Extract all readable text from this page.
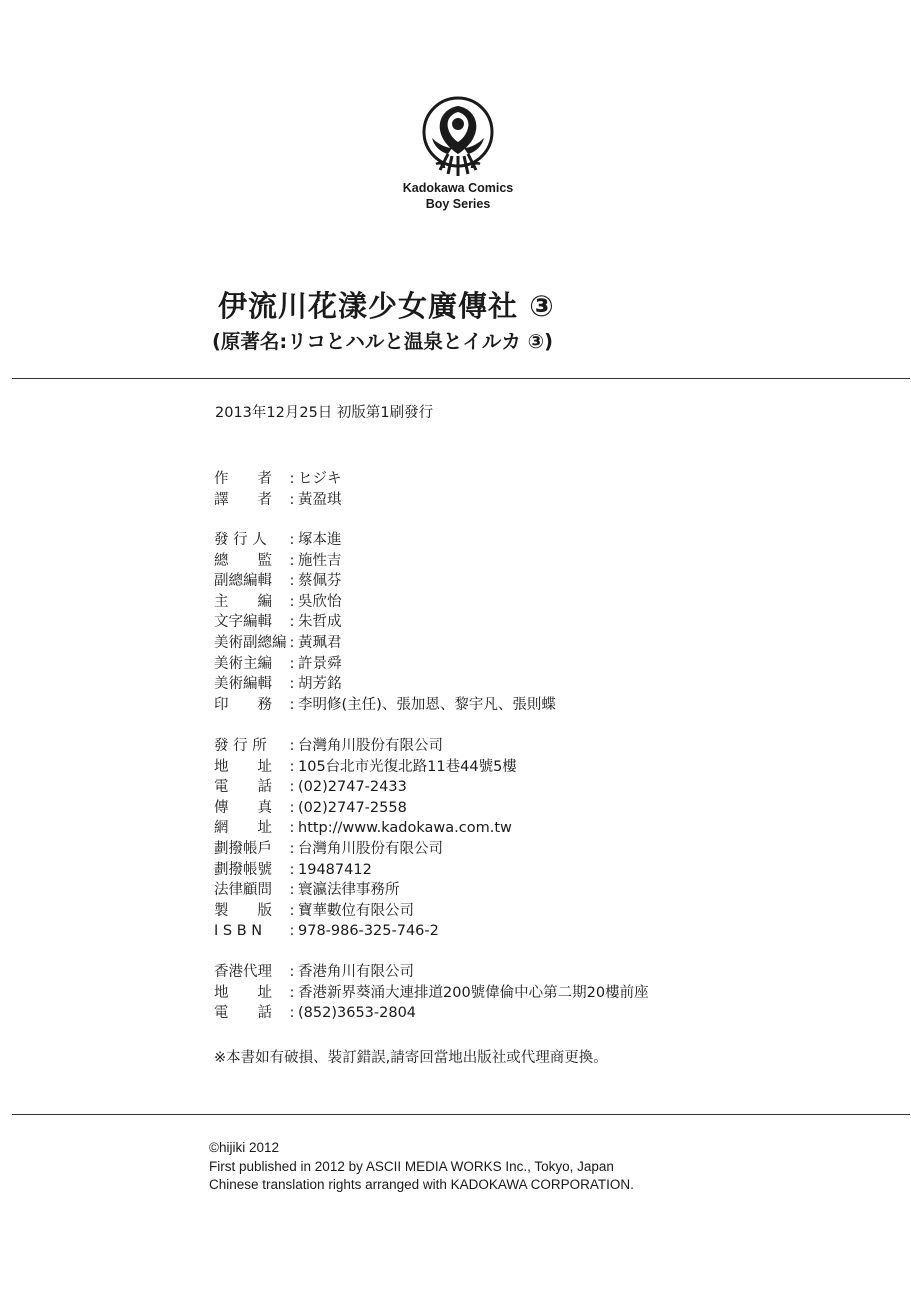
Kadokawa Comics
Boy Series
伊流川花漾少女廣傳社 ③
(原著名:リコとハルと温泉とイルカ ③)
2013年12月25日 初版第1刷發行
作　　者 : ヒジキ
譯　　者 : 黃盈琪
發 行 人 : 塚本進
總　　監 : 施性吉
副總編輯 : 蔡佩芬
主　　編 : 吳欣怡
文字編輯 : 朱哲成
美術副總編 : 黃珮君
美術主編 : 許景舜
美術編輯 : 胡芳銘
印　　務 : 李明修(主任)、張加恩、黎宇凡、張則蝶
發 行 所 : 台灣角川股份有限公司
地　　址 : 105台北市光復北路11巷44號5樓
電　　話 : (02)2747-2433
傳　　真 : (02)2747-2558
網　　址 : http://www.kadokawa.com.tw
劃撥帳戶 : 台灣角川股份有限公司
劃撥帳號 : 19487412
法律顧問 : 寰瀛法律事務所
製　　版 : 寶華數位有限公司
I S B N : 978-986-325-746-2
香港代理 : 香港角川有限公司
地　　址 : 香港新界葵涌大連排道200號偉倫中心第二期20樓前座
電　　話 : (852)3653-2804
※本書如有破損、裝訂錯誤,請寄回當地出版社或代理商更換。
©hijiki 2012
First published in 2012 by ASCII MEDIA WORKS Inc., Tokyo, Japan
Chinese translation rights arranged with KADOKAWA CORPORATION.
